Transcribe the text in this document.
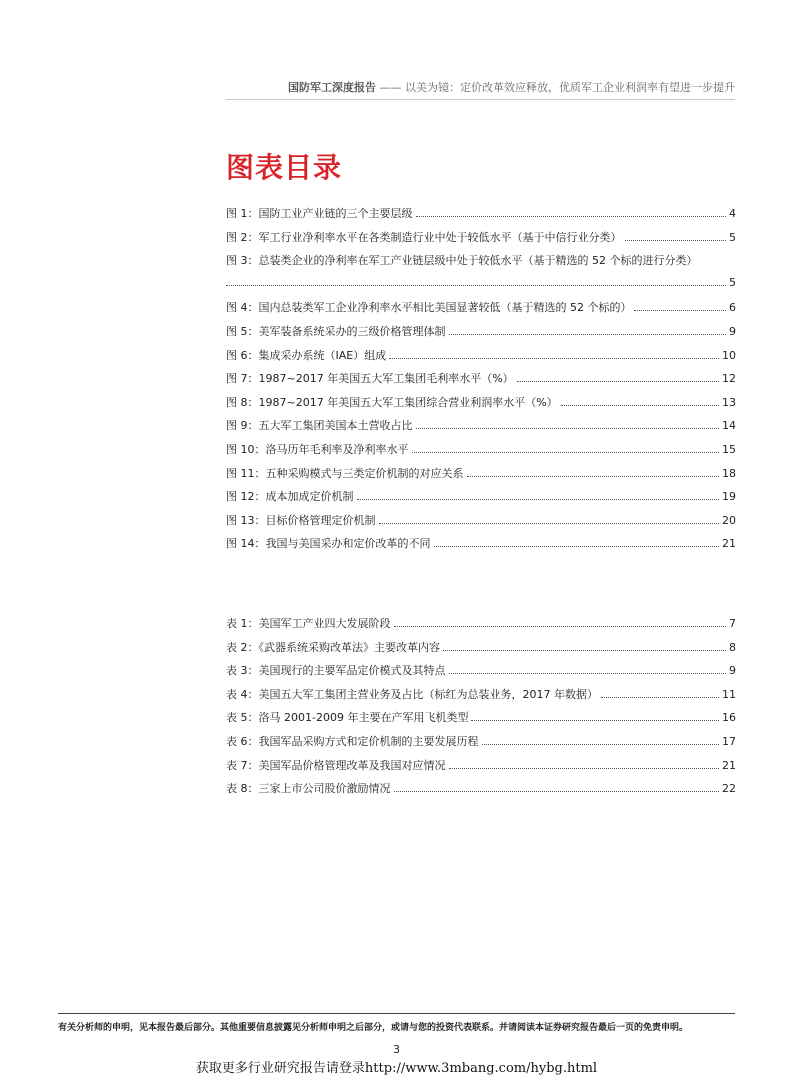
国防军工深度报告 —— 以美为镜：定价改革效应释放，优质军工企业利润率有望进一步提升
图表目录
图 1：国防工业产业链的三个主要层级	4
图 2：军工行业净利率水平在各类制造行业中处于较低水平（基于中信行业分类）	5
图 3：总装类企业的净利率在军工产业链层级中处于较低水平（基于精选的 52 个标的进行分类）
5
图 4：国内总装类军工企业净利率水平相比美国显著较低（基于精选的 52 个标的）	6
图 5：美军装备系统采办的三级价格管理体制	9
图 6：集成采办系统（IAE）组成	10
图 7：1987~2017 年美国五大军工集团毛利率水平（%）	12
图 8：1987~2017 年美国五大军工集团综合营业利润率水平（%）	13
图 9：五大军工集团美国本土营收占比	14
图 10：洛马历年毛利率及净利率水平	15
图 11：五种采购模式与三类定价机制的对应关系	18
图 12：成本加成定价机制	19
图 13：目标价格管理定价机制	20
图 14：我国与美国采办和定价改革的不同	21
表 1：美国军工产业四大发展阶段	7
表 2：《武器系统采购改革法》主要改革内容	8
表 3：美国现行的主要军品定价模式及其特点	9
表 4：美国五大军工集团主营业务及占比（标红为总装业务，2017 年数据）	11
表 5：洛马 2001-2009 年主要在产军用飞机类型	16
表 6：我国军品采购方式和定价机制的主要发展历程	17
表 7：美国军品价格管理改革及我国对应情况	21
表 8：三家上市公司股价激励情况	22
有关分析师的申明，见本报告最后部分。其他重要信息披露见分析师申明之后部分，或请与您的投资代表联系。并请阅读本证券研究报告最后一页的免责申明。
3
获取更多行业研究报告请登录http://www.3mbang.com/hybg.html
